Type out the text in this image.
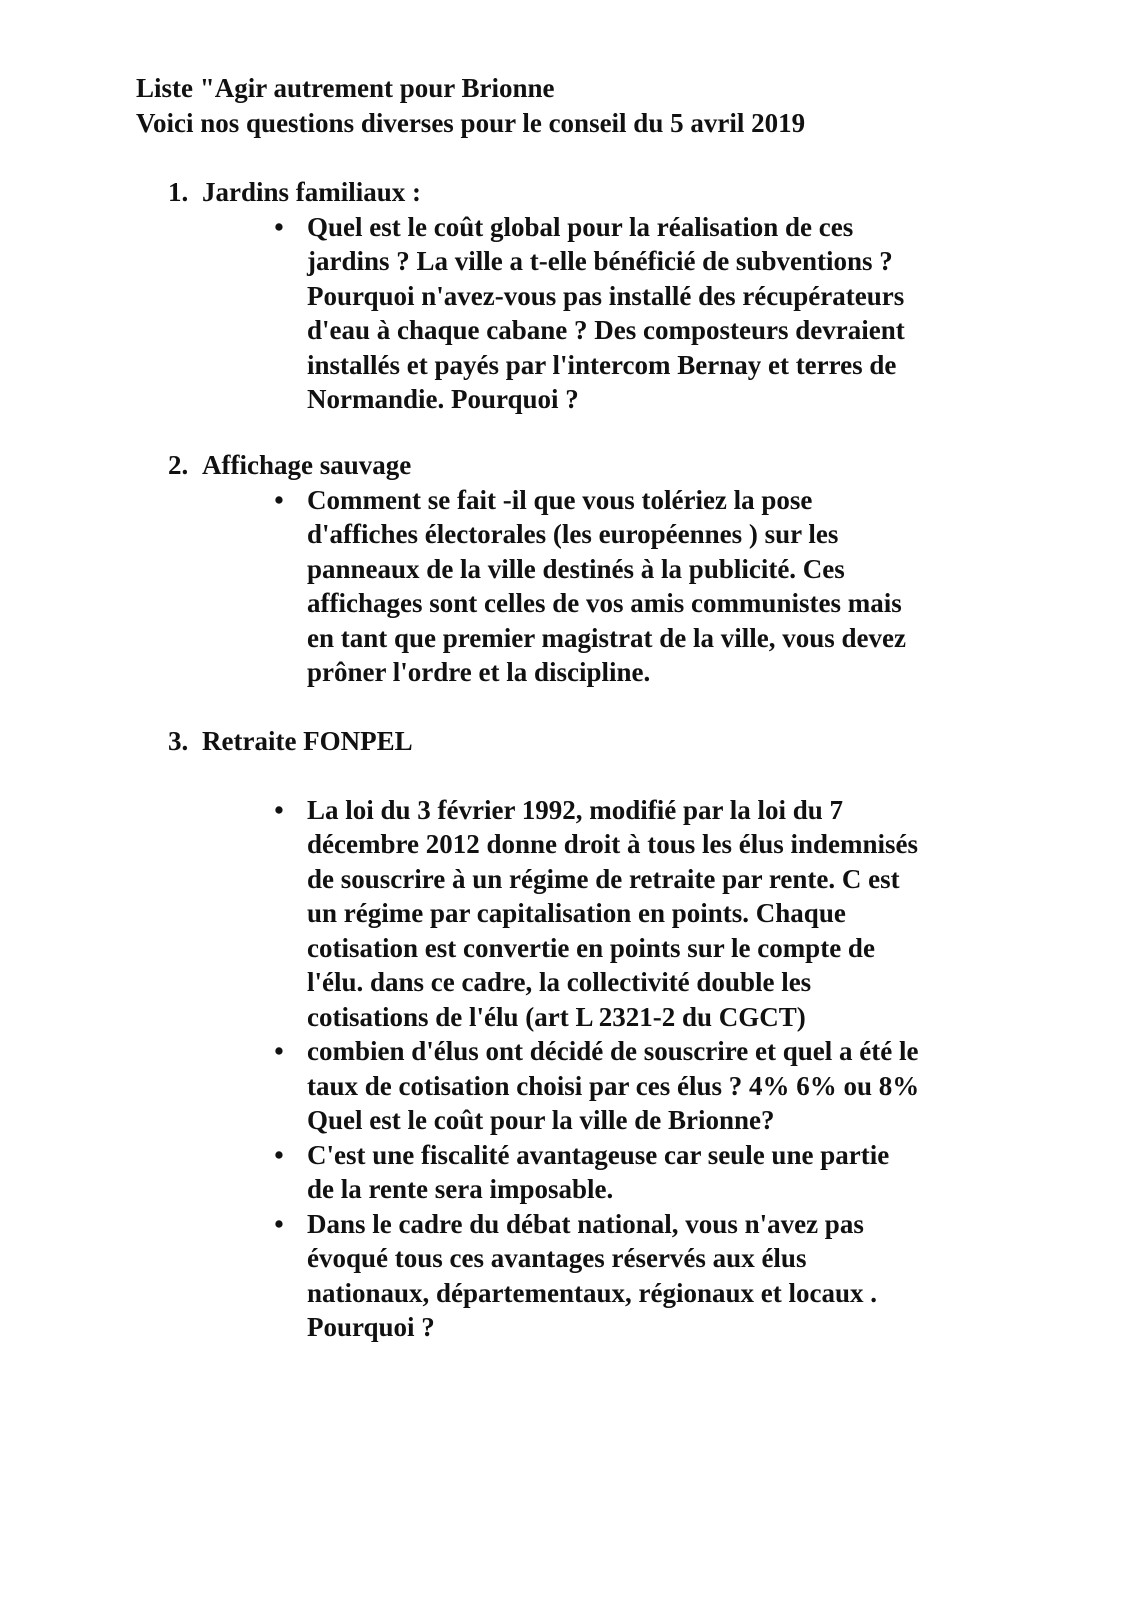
Liste "Agir autrement pour Brionne
Voici nos questions diverses pour le conseil du 5 avril 2019
1. Jardins familiaux :
• Quel est le coût global pour la réalisation de ces
jardins ? La ville a t-elle bénéficié de subventions ?
Pourquoi n'avez-vous pas installé des récupérateurs
d'eau à chaque cabane ? Des composteurs devraient
installés et payés par l'intercom Bernay et terres de
Normandie. Pourquoi ?
2. Affichage sauvage
• Comment se fait -il que vous tolériez la pose
d'affiches électorales (les européennes ) sur les
panneaux de la ville destinés à la publicité. Ces
affichages sont celles de vos amis communistes mais
en tant que premier magistrat de la ville, vous devez
prôner l'ordre et la discipline.
3. Retraite FONPEL
• La loi du 3 février 1992, modifié par la loi du 7
décembre 2012 donne droit à tous les élus indemnisés
de souscrire à un régime de retraite par rente. C est
un régime par capitalisation en points. Chaque
cotisation est convertie en points sur le compte de
l'élu. dans ce cadre, la collectivité double les
cotisations de l'élu (art L 2321-2 du CGCT)
• combien d'élus ont décidé de souscrire et quel a été le
taux de cotisation choisi par ces élus ? 4% 6% ou 8%
Quel est le coût pour la ville de Brionne?
• C'est une fiscalité avantageuse car seule une partie
de la rente sera imposable.
• Dans le cadre du débat national, vous n'avez pas
évoqué tous ces avantages réservés aux élus
nationaux, départementaux, régionaux et locaux .
Pourquoi ?
